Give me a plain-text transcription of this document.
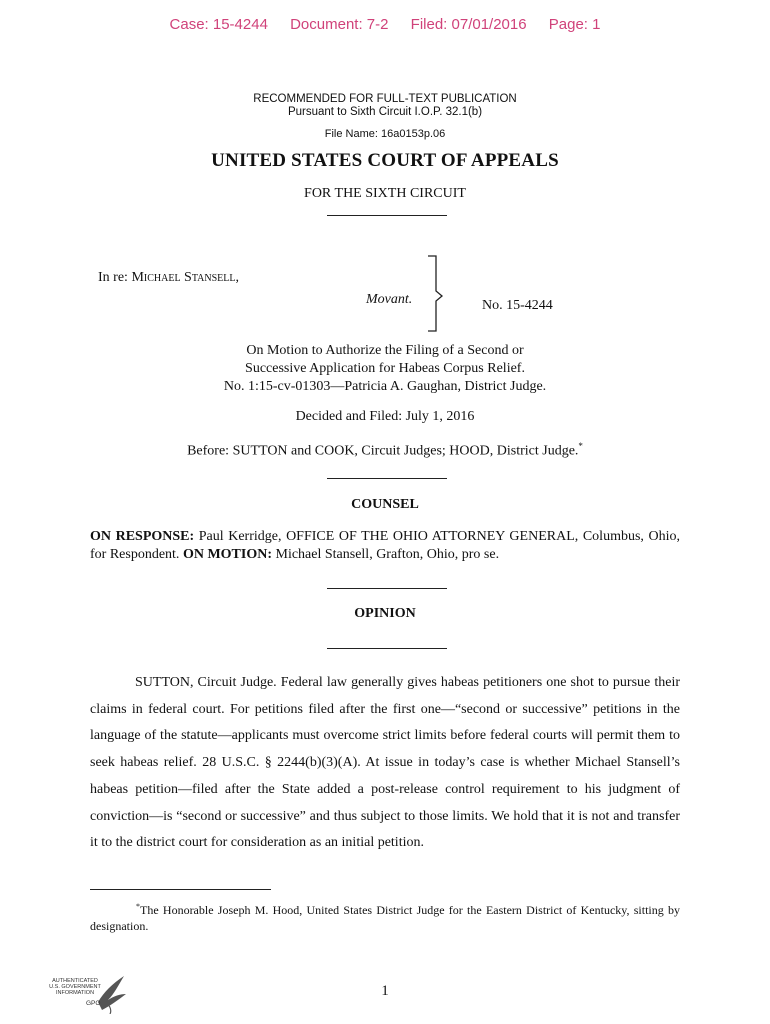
Case: 15-4244 Document: 7-2 Filed: 07/01/2016 Page: 1
RECOMMENDED FOR FULL-TEXT PUBLICATION
Pursuant to Sixth Circuit I.O.P. 32.1(b)
File Name: 16a0153p.06
UNITED STATES COURT OF APPEALS
FOR THE SIXTH CIRCUIT
In re: Michael Stansell,
Movant.	No. 15-4244
On Motion to Authorize the Filing of a Second or
Successive Application for Habeas Corpus Relief.
No. 1:15-cv-01303—Patricia A. Gaughan, District Judge.
Decided and Filed: July 1, 2016
Before: SUTTON and COOK, Circuit Judges; HOOD, District Judge.*
COUNSEL
ON RESPONSE: Paul Kerridge, OFFICE OF THE OHIO ATTORNEY GENERAL, Columbus, Ohio, for Respondent. ON MOTION: Michael Stansell, Grafton, Ohio, pro se.
OPINION
SUTTON, Circuit Judge. Federal law generally gives habeas petitioners one shot to pursue their claims in federal court. For petitions filed after the first one—“second or successive” petitions in the language of the statute—applicants must overcome strict limits before federal courts will permit them to seek habeas relief. 28 U.S.C. § 2244(b)(3)(A). At issue in today’s case is whether Michael Stansell’s habeas petition—filed after the State added a post-release control requirement to his judgment of conviction—is “second or successive” and thus subject to those limits. We hold that it is not and transfer it to the district court for consideration as an initial petition.
*The Honorable Joseph M. Hood, United States District Judge for the Eastern District of Kentucky, sitting by designation.
AUTHENTICATED
U.S. GOVERNMENT
INFORMATION
GPO
1
